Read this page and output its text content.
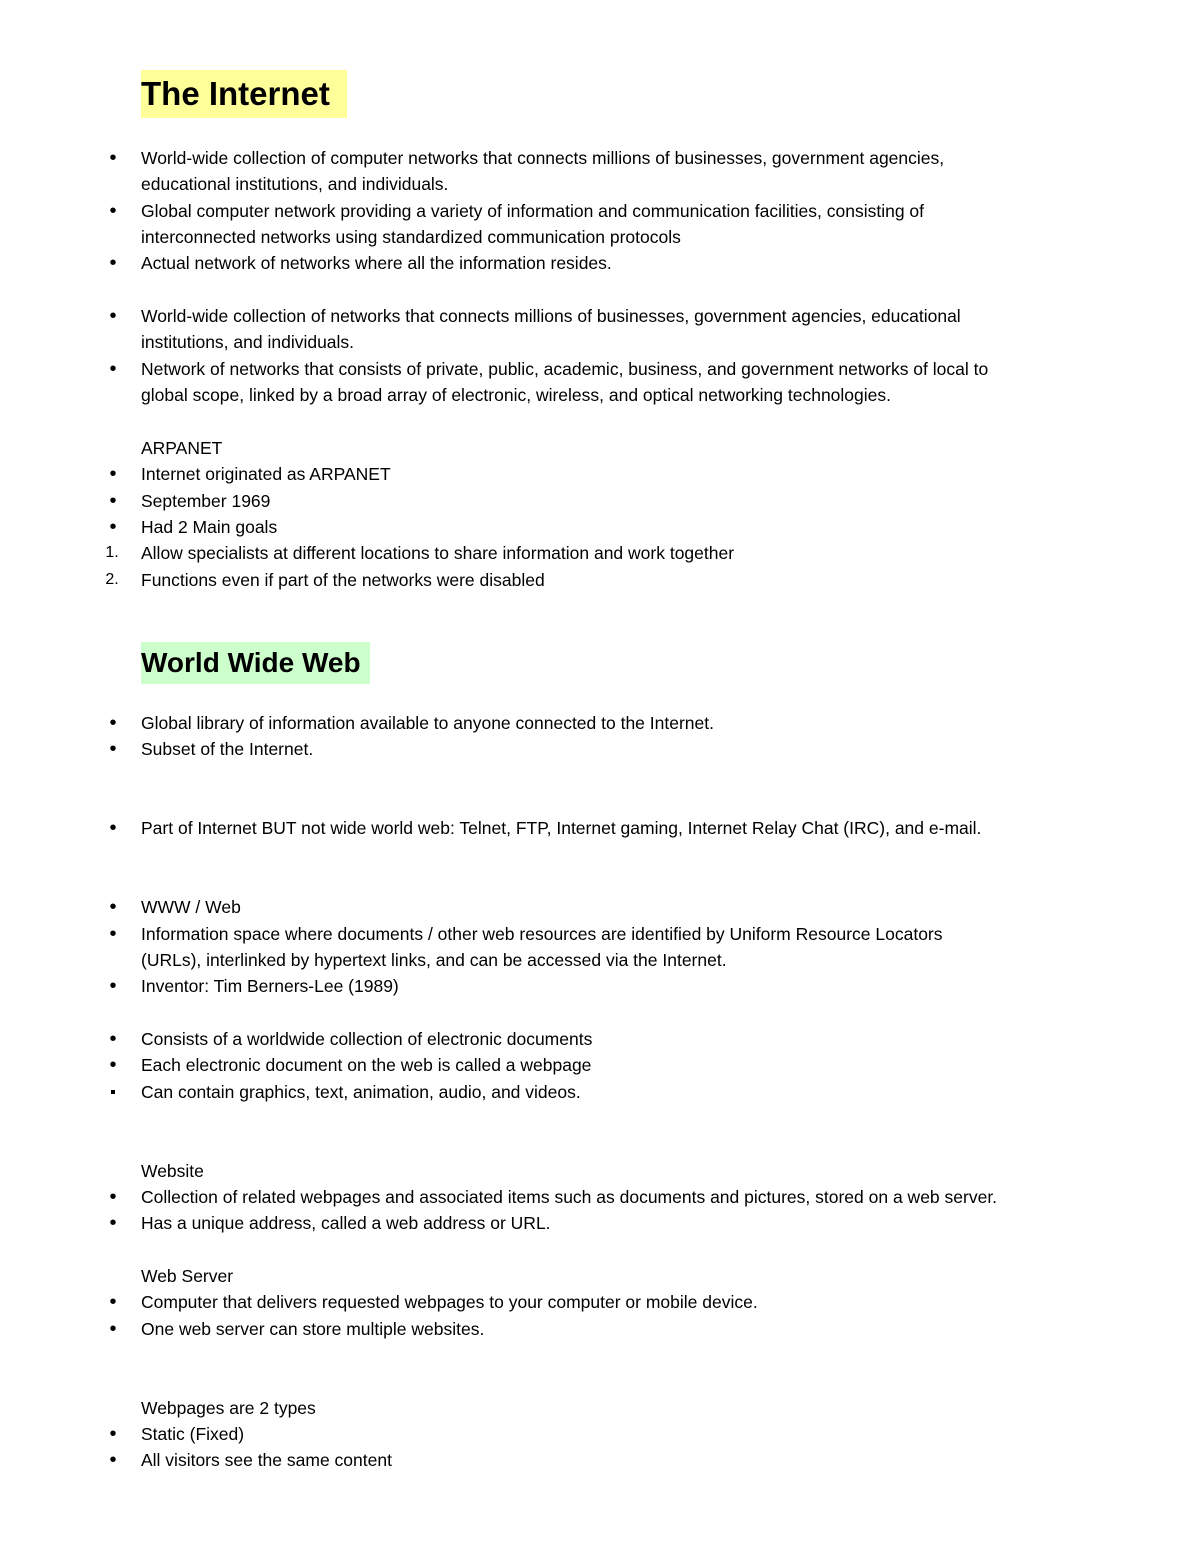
The Internet
•
World-wide collection of computer networks that connects millions of businesses, government agencies,
educational institutions, and individuals.
•
Global computer network providing a variety of information and communication facilities, consisting of
interconnected networks using standardized communication protocols
•
Actual network of networks where all the information resides.
•
World-wide collection of networks that connects millions of businesses, government agencies, educational
institutions, and individuals.
•
Network of networks that consists of private, public, academic, business, and government networks of local to
global scope, linked by a broad array of electronic, wireless, and optical networking technologies.
ARPANET
•
Internet originated as ARPANET
•
September 1969
•
Had 2 Main goals
1. Allow specialists at different locations to share information and work together
2. Functions even if part of the networks were disabled
World Wide Web
•
Global library of information available to anyone connected to the Internet.
•
Subset of the Internet.
•
Part of Internet BUT not wide world web: Telnet, FTP, Internet gaming, Internet Relay Chat (IRC), and e-mail.
•
WWW / Web
•
Information space where documents / other web resources are identified by Uniform Resource Locators
(URLs), interlinked by hypertext links, and can be accessed via the Internet.
•
Inventor: Tim Berners-Lee (1989)
•
Consists of a worldwide collection of electronic documents
•
Each electronic document on the web is called a webpage
Can contain graphics, text, animation, audio, and videos.
Website
•
Collection of related webpages and associated items such as documents and pictures, stored on a web server.
•
Has a unique address, called a web address or URL.
Web Server
•
Computer that delivers requested webpages to your computer or mobile device.
•
One web server can store multiple websites.
Webpages are 2 types
•
Static (Fixed)
•
All visitors see the same content
